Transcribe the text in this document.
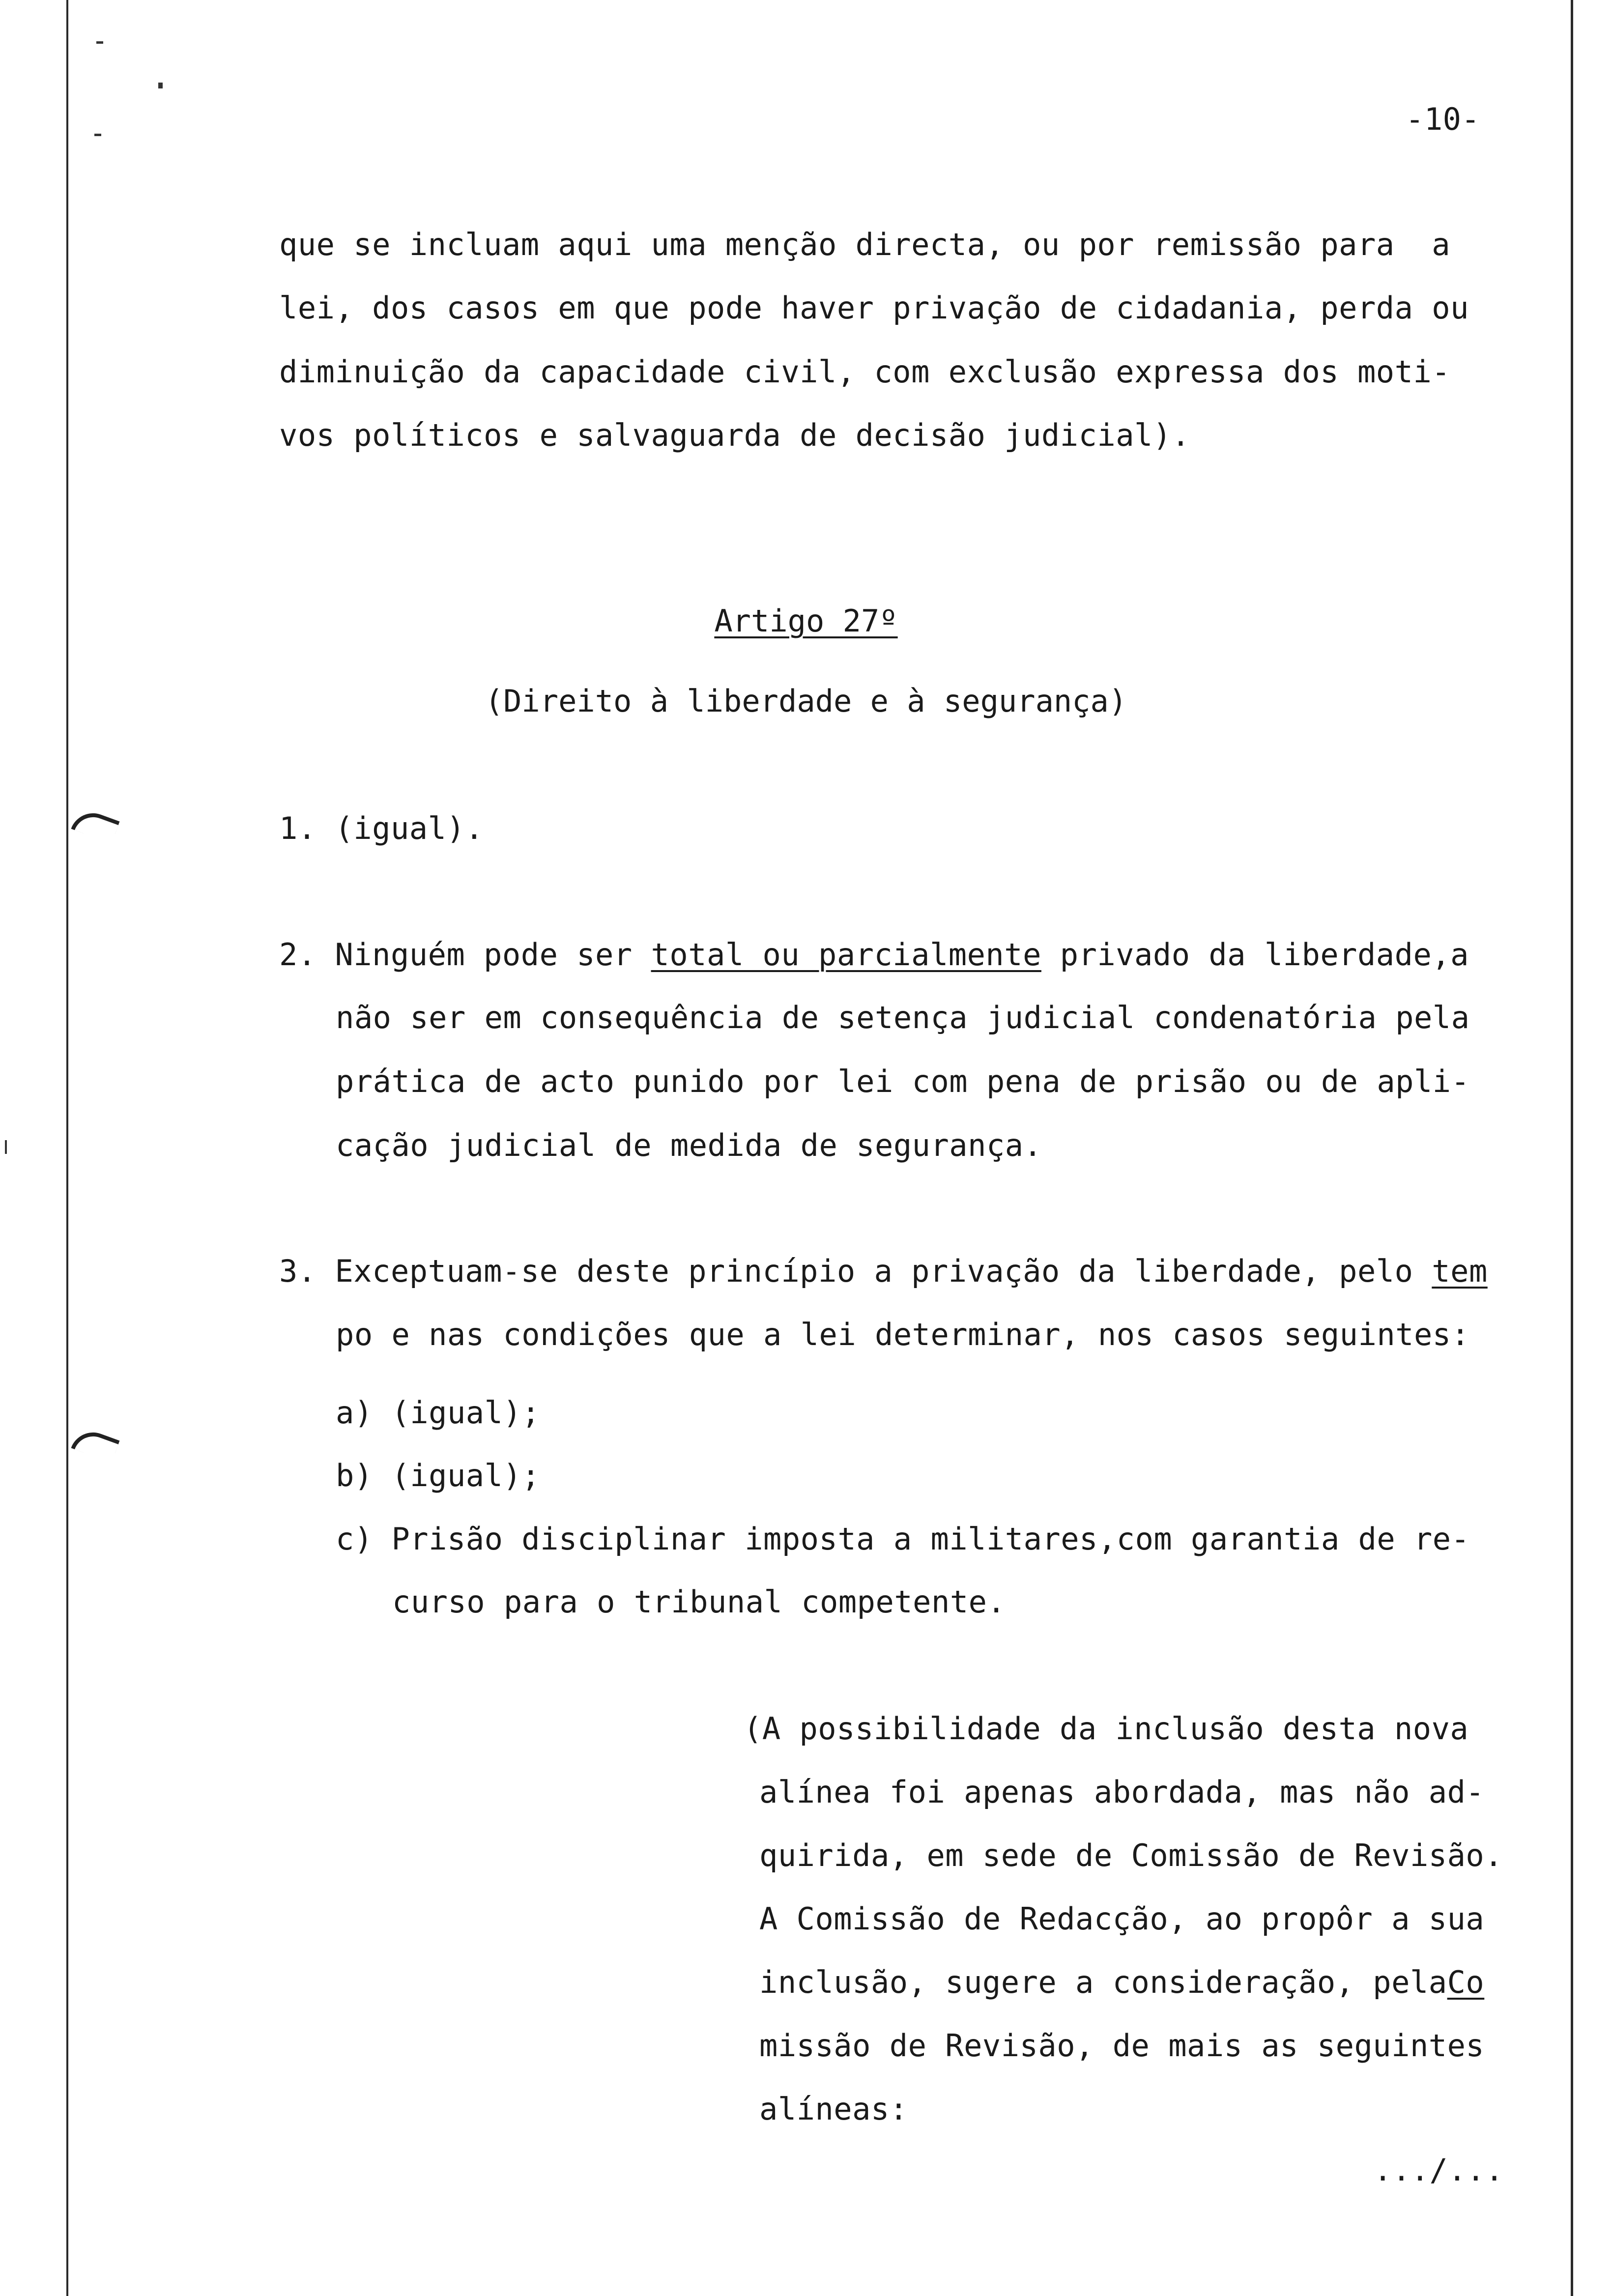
-10-
que se incluam aqui uma menção directa, ou por remissão para  a
lei, dos casos em que pode haver privação de cidadania, perda ou
diminuição da capacidade civil, com exclusão expressa dos moti-
vos políticos e salvaguarda de decisão judicial).
Artigo 27º
(Direito à liberdade e à segurança)
1. (igual).
2. Ninguém pode ser total ou parcialmente privado da liberdade,a
não ser em consequência de setença judicial condenatória pela
prática de acto punido por lei com pena de prisão ou de apli-
cação judicial de medida de segurança.
3. Exceptuam-se deste princípio a privação da liberdade, pelo tem
po e nas condições que a lei determinar, nos casos seguintes:
a) (igual);
b) (igual);
c) Prisão disciplinar imposta a militares,com garantia de re-
curso para o tribunal competente.
(A possibilidade da inclusão desta nova
alínea foi apenas abordada, mas não ad-
quirida, em sede de Comissão de Revisão.
A Comissão de Redacção, ao propôr a sua
inclusão, sugere a consideração, pelaCo
missão de Revisão, de mais as seguintes
alíneas:
.../...
